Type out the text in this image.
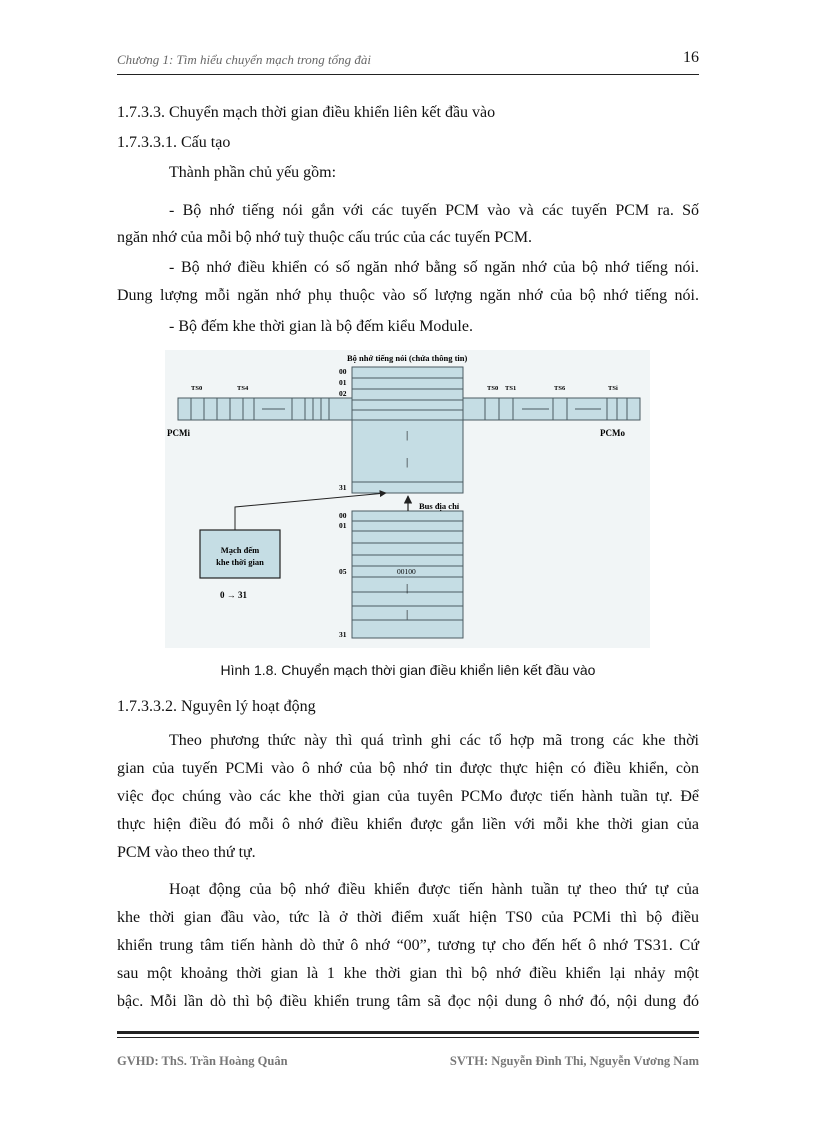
Chương 1: Tìm hiểu chuyển mạch trong tổng đài	16
1.7.3.3. Chuyển mạch thời gian điều khiển liên kết đầu vào
1.7.3.3.1. Cấu tạo
Thành phần chủ yếu gồm:
- Bộ nhớ tiếng nói gắn với các tuyến PCM vào và các tuyến PCM ra. Số
ngăn nhớ của mỗi bộ nhớ tuỳ thuộc cấu trúc của các tuyến PCM.
- Bộ nhớ điều khiển có số ngăn nhớ bằng số ngăn nhớ của bộ nhớ tiếng nói.
Dung lượng mỗi ngăn nhớ phụ thuộc vào số lượng ngăn nhớ của bộ nhớ tiếng nói.
- Bộ đếm khe thời gian là bộ đếm kiểu Module.
Bộ nhớ tiếng nói (chứa thông tin)
00
01
02
31
|
|
TS0	TS4
PCMi
TS0 TS1	TS6	TSi
PCMo
00
01
05
31
00100
|
|
Bus địa chỉ
Mạch đếm
khe thời gian
0 → 31
Hình 1.8. Chuyển mạch thời gian điều khiển liên kết đầu vào
1.7.3.3.2. Nguyên lý hoạt động
Theo phương thức này thì quá trình ghi các tổ hợp mã trong các khe thời
gian của tuyến PCMi vào ô nhớ của bộ nhớ tin được thực hiện có điều khiển, còn
việc đọc chúng vào các khe thời gian của tuyên PCMo được tiến hành tuần tự. Để
thực hiện điều đó mỗi ô nhớ điều khiển được gắn liền với mỗi khe thời gian của
PCM vào theo thứ tự.
Hoạt động của bộ nhớ điều khiển được tiến hành tuần tự theo thứ tự của
khe thời gian đầu vào, tức là ở thời điểm xuất hiện TS0 của PCMi thì bộ điều
khiển trung tâm tiến hành dò thử ô nhớ “00”, tương tự cho đến hết ô nhớ TS31. Cứ
sau một khoảng thời gian là 1 khe thời gian thì bộ nhớ điều khiển lại nhảy một
bậc. Mỗi lần dò thì bộ điều khiển trung tâm sã đọc nội dung ô nhớ đó, nội dung đó
GVHD: ThS. Trần Hoàng Quân	SVTH: Nguyễn Đình Thi, Nguyễn Vương Nam
